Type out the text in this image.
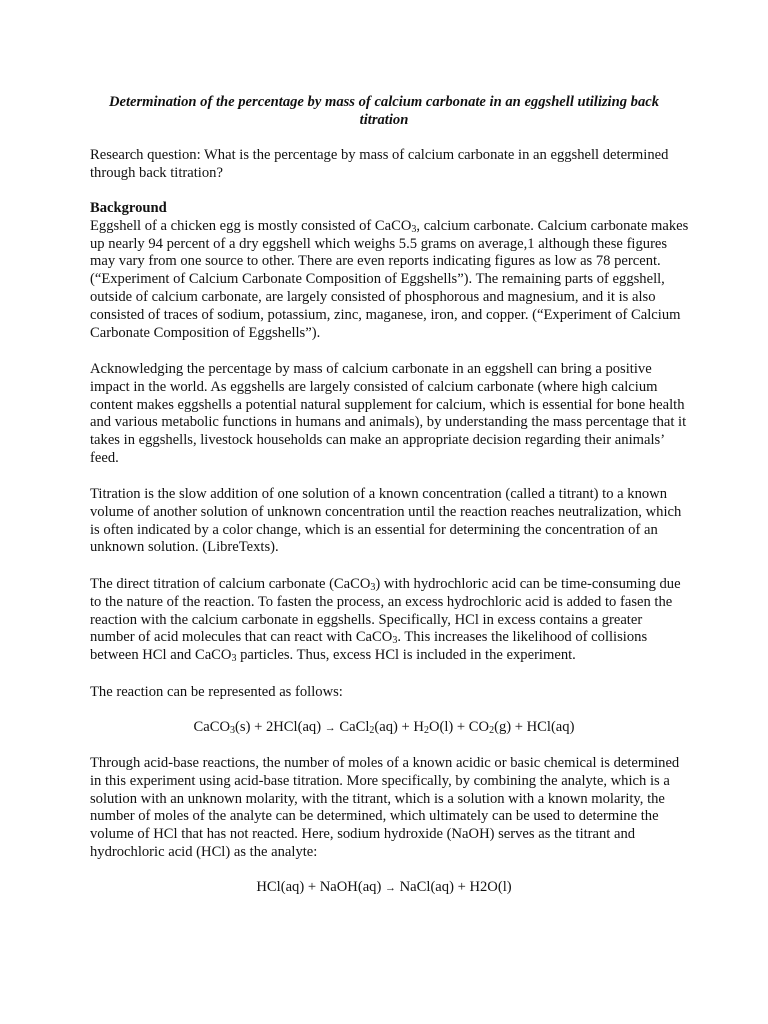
Determination of the percentage by mass of calcium carbonate in an eggshell utilizing back titration
Research question: What is the percentage by mass of calcium carbonate in an eggshell determined through back titration?
Background
Eggshell of a chicken egg is mostly consisted of CaCO$_3$, calcium carbonate. Calcium carbonate makes up nearly 94 percent of a dry eggshell which weighs 5.5 grams on average,1 although these figures may vary from one source to other. There are even reports indicating figures as low as 78 percent. (“Experiment of Calcium Carbonate Composition of Eggshells”). The remaining parts of eggshell, outside of calcium carbonate, are largely consisted of phosphorous and magnesium, and it is also consisted of traces of sodium, potassium, zinc, maganese, iron, and copper. (“Experiment of Calcium Carbonate Composition of Eggshells”).
Acknowledging the percentage by mass of calcium carbonate in an eggshell can bring a positive impact in the world. As eggshells are largely consisted of calcium carbonate (where high calcium content makes eggshells a potential natural supplement for calcium, which is essential for bone health and various metabolic functions in humans and animals), by understanding the mass percentage that it takes in eggshells, livestock households can make an appropriate decision regarding their animals’ feed.
Titration is the slow addition of one solution of a known concentration (called a titrant) to a known volume of another solution of unknown concentration until the reaction reaches neutralization, which is often indicated by a color change, which is an essential for determining the concentration of an unknown solution. (LibreTexts).
The direct titration of calcium carbonate (CaCO$_3$) with hydrochloric acid can be time-consuming due to the nature of the reaction. To fasten the process, an excess hydrochloric acid is added to fasen the reaction with the calcium carbonate in eggshells. Specifically, HCl in excess contains a greater number of acid molecules that can react with CaCO$_3$. This increases the likelihood of collisions between HCl and CaCO$_3$ particles. Thus, excess HCl is included in the experiment.
The reaction can be represented as follows:
CaCO$_3$(s) + 2HCl(aq) → CaCl$_2$(aq) + $H_2O(l) + CO_2(g) + HCl(aq)$
Through acid-base reactions, the number of moles of a known acidic or basic chemical is determined in this experiment using acid-base titration. More specifically, by combining the analyte, which is a solution with an unknown molarity, with the titrant, which is a solution with a known molarity, the number of moles of the analyte can be determined, which ultimately can be used to determine the volume of HCl that has not reacted. Here, sodium hydroxide (NaOH) serves as the titrant and hydrochloric acid (HCl) as the analyte:
HCl(aq) + NaOH(aq) → NaCl(aq) + H2O(l)
